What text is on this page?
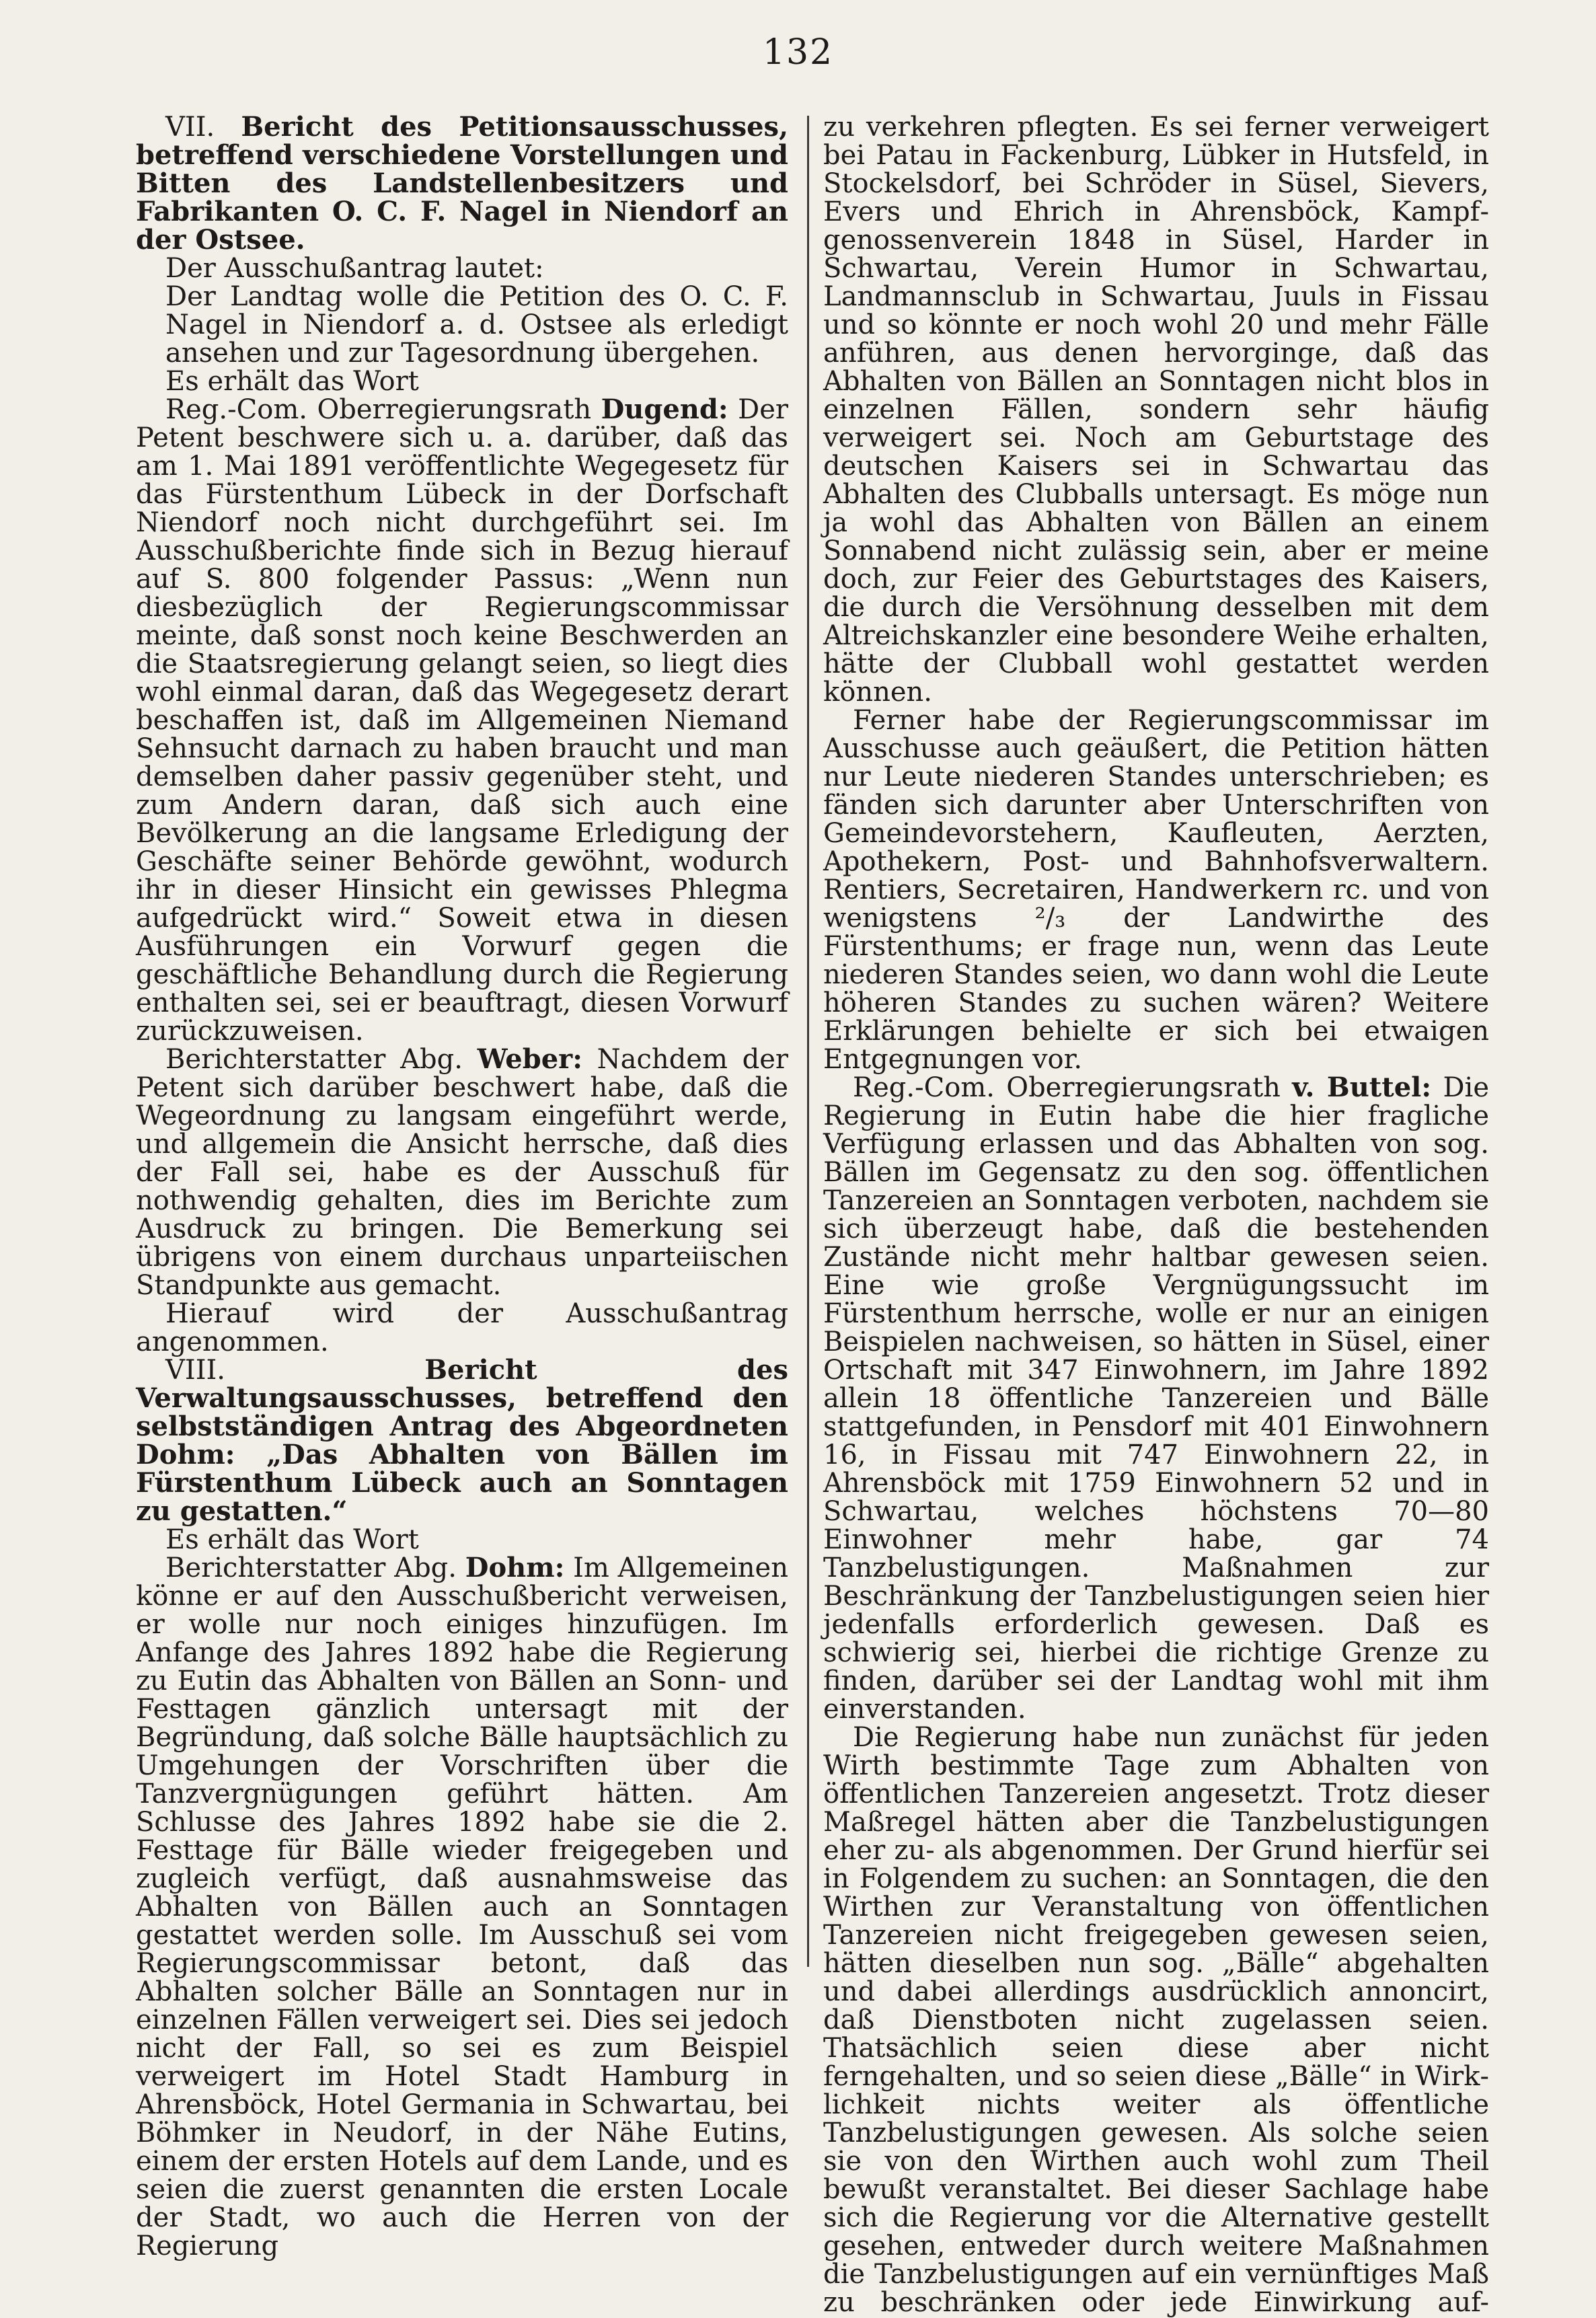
132

VII. Bericht des Petitionsausschusses, betreffend verschiedene Vorstellungen und Bitten des Landstellenbesitzers und Fabrikanten O. C. F. Nagel in Niendorf an der Ostsee.

Der Ausschußantrag lautet:

Der Landtag wolle die Petition des O. C. F. Nagel in Niendorf a. d. Ostsee als erledigt ansehen und zur Tagesordnung übergehen.

Es erhält das Wort

Reg.-Com. Oberregierungsrath Dugend: Der Petent beschwere sich u. a. darüber, daß das am 1. Mai 1891 veröffentlichte Wegegesetz für das Fürstenthum Lübeck in der Dorfschaft Niendorf noch nicht durchgeführt sei. Im Ausschußberichte finde sich in Bezug hierauf auf S. 800 folgender Passus: „Wenn nun diesbezüglich der Regierungscommissar meinte, daß sonst noch keine Beschwerden an die Staatsregierung gelangt seien, so liegt dies wohl einmal daran, daß das Wegegesetz derart beschaffen ist, daß im Allgemeinen Niemand Sehnsucht darnach zu haben braucht und man demselben daher passiv gegenüber steht, und zum Andern daran, daß sich auch eine Bevölkerung an die langsame Erledigung der Geschäfte seiner Behörde gewöhnt, wodurch ihr in dieser Hinsicht ein gewisses Phlegma aufgedrückt wird.“ Soweit etwa in diesen Ausführungen ein Vorwurf gegen die geschäftliche Behandlung durch die Regierung enthalten sei, sei er beauftragt, diesen Vorwurf zurückzuweisen.

Berichterstatter Abg. Weber: Nachdem der Petent sich darüber beschwert habe, daß die Wegeordnung zu langsam eingeführt werde, und allgemein die Ansicht herrsche, daß dies der Fall sei, habe es der Ausschuß für nothwendig gehalten, dies im Berichte zum Ausdruck zu bringen. Die Bemerkung sei übrigens von einem durchaus unparteiischen Standpunkte aus gemacht.

Hierauf wird der Ausschußantrag angenommen.

VIII. Bericht des Verwaltungsausschusses, betreffend den selbstständigen Antrag des Abgeordneten Dohm: „Das Abhalten von Bällen im Fürstenthum Lübeck auch an Sonntagen zu gestatten.“

Es erhält das Wort

Berichterstatter Abg. Dohm: Im Allgemeinen könne er auf den Ausschußbericht verweisen, er wolle nur noch einiges hinzufügen. Im Anfange des Jahres 1892 habe die Regierung zu Eutin das Abhalten von Bällen an Sonn- und Festtagen gänzlich untersagt mit der Begründung, daß solche Bälle hauptsächlich zu Umgehungen der Vorschriften über die Tanzvergnügungen geführt hätten. Am Schlusse des Jahres 1892 habe sie die 2. Festtage für Bälle wieder freigegeben und zugleich verfügt, daß ausnahmsweise das Abhalten von Bällen auch an Sonntagen gestattet werden solle. Im Ausschuß sei vom Regierungscommissar betont, daß das Abhalten solcher Bälle an Sonntagen nur in einzelnen Fällen verweigert sei. Dies sei jedoch nicht der Fall, so sei es zum Beispiel verweigert im Hotel Stadt Hamburg in Ahrensböck, Hotel Germania in Schwartau, bei Böhmker in Neudorf, in der Nähe Eutins, einem der ersten Hotels auf dem Lande, und es seien die zuerst genannten die ersten Locale der Stadt, wo auch die Herren von der Regierung

zu verkehren pflegten. Es sei ferner verweigert bei Patau in Fackenburg, Lübker in Hutsfeld, in Stockelsdorf, bei Schröder in Süsel, Sievers, Evers und Ehrich in Ahrensböck, Kampfgenossenverein 1848 in Süsel, Harder in Schwartau, Verein Humor in Schwartau, Landmannsclub in Schwartau, Juuls in Fissau und so könnte er noch wohl 20 und mehr Fälle anführen, aus denen hervorginge, daß das Abhalten von Bällen an Sonntagen nicht blos in einzelnen Fällen, sondern sehr häufig verweigert sei. Noch am Geburtstage des deutschen Kaisers sei in Schwartau das Abhalten des Clubballs untersagt. Es möge nun ja wohl das Abhalten von Bällen an einem Sonnabend nicht zulässig sein, aber er meine doch, zur Feier des Geburtstages des Kaisers, die durch die Versöhnung desselben mit dem Altreichskanzler eine besondere Weihe erhalten, hätte der Clubball wohl gestattet werden können.

Ferner habe der Regierungscommissar im Ausschusse auch geäußert, die Petition hätten nur Leute niederen Standes unterschrieben; es fänden sich darunter aber Unterschriften von Gemeindevorstehern, Kaufleuten, Aerzten, Apothekern, Post- und Bahnhofsverwaltern. Rentiers, Secretairen, Handwerkern rc. und von wenigstens ²/₃ der Landwirthe des Fürstenthums; er frage nun, wenn das Leute niederen Standes seien, wo dann wohl die Leute höheren Standes zu suchen wären? Weitere Erklärungen behielte er sich bei etwaigen Entgegnungen vor.

Reg.-Com. Oberregierungsrath v. Buttel: Die Regierung in Eutin habe die hier fragliche Verfügung erlassen und das Abhalten von sog. Bällen im Gegensatz zu den sog. öffentlichen Tanzereien an Sonntagen verboten, nachdem sie sich überzeugt habe, daß die bestehenden Zustände nicht mehr haltbar gewesen seien. Eine wie große Vergnügungssucht im Fürstenthum herrsche, wolle er nur an einigen Beispielen nachweisen, so hätten in Süsel, einer Ortschaft mit 347 Einwohnern, im Jahre 1892 allein 18 öffentliche Tanzereien und Bälle stattgefunden, in Pensdorf mit 401 Einwohnern 16, in Fissau mit 747 Einwohnern 22, in Ahrensböck mit 1759 Einwohnern 52 und in Schwartau, welches höchstens 70—80 Einwohner mehr habe, gar 74 Tanzbelustigungen. Maßnahmen zur Beschränkung der Tanzbelustigungen seien hier jedenfalls erforderlich gewesen. Daß es schwierig sei, hierbei die richtige Grenze zu finden, darüber sei der Landtag wohl mit ihm einverstanden.

Die Regierung habe nun zunächst für jeden Wirth bestimmte Tage zum Abhalten von öffentlichen Tanzereien angesetzt. Trotz dieser Maßregel hätten aber die Tanzbelustigungen eher zu- als abgenommen. Der Grund hierfür sei in Folgendem zu suchen: an Sonntagen, die den Wirthen zur Veranstaltung von öffentlichen Tanzereien nicht freigegeben gewesen seien, hätten dieselben nun sog. „Bälle“ abgehalten und dabei allerdings ausdrücklich annoncirt, daß Dienstboten nicht zugelassen seien. Thatsächlich seien diese aber nicht ferngehalten, und so seien diese „Bälle“ in Wirklichkeit nichts weiter als öffentliche Tanzbelustigungen gewesen. Als solche seien sie von den Wirthen auch wohl zum Theil bewußt veranstaltet. Bei dieser Sachlage habe sich die Regierung vor die Alternative gestellt gesehen, entweder durch weitere Maßnahmen die Tanzbelustigungen auf ein vernünftiges Maß zu beschränken oder jede Einwirkung auf-
